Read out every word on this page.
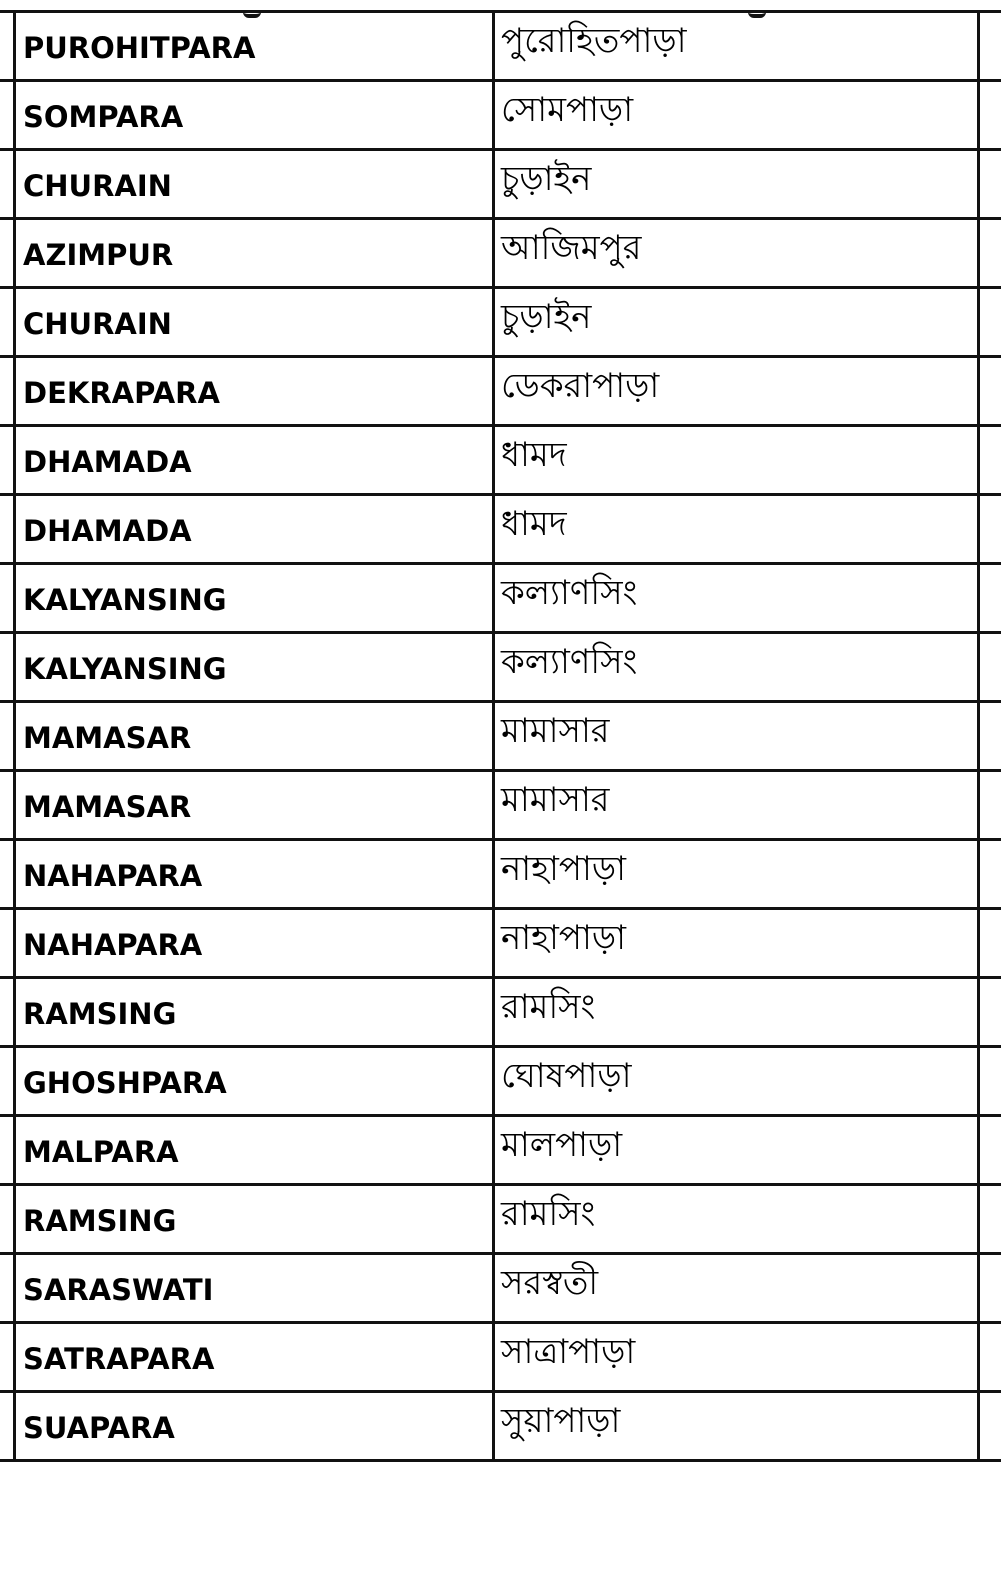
PUROHITPARA	পুরোহিতপাড়া
SOMPARA	সোমপাড়া
CHURAIN	চুড়াইন
AZIMPUR	আজিমপুর
CHURAIN	চুড়াইন
DEKRAPARA	ডেকরাপাড়া
DHAMADA	ধামদ
DHAMADA	ধামদ
KALYANSING	কল্যাণসিং
KALYANSING	কল্যাণসিং
MAMASAR	মামাসার
MAMASAR	মামাসার
NAHAPARA	নাহাপাড়া
NAHAPARA	নাহাপাড়া
RAMSING	রামসিং
GHOSHPARA	ঘোষপাড়া
MALPARA	মালপাড়া
RAMSING	রামসিং
SARASWATI	সরস্বতী
SATRAPARA	সাত্রাপাড়া
SUAPARA	সুয়াপাড়া
